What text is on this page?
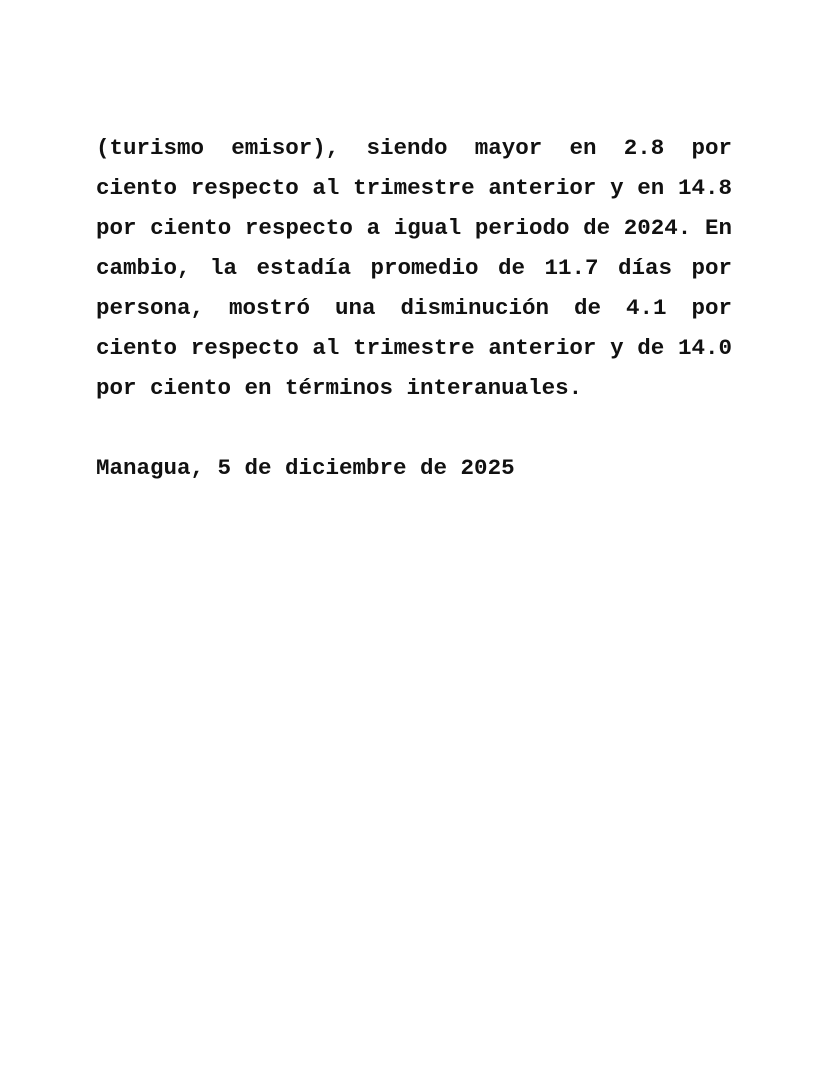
(turismo emisor), siendo mayor en 2.8 por
ciento respecto al trimestre anterior y en 14.8
por ciento respecto a igual periodo de 2024. En
cambio, la estadía promedio de 11.7 días por
persona, mostró una disminución de 4.1 por
ciento respecto al trimestre anterior y de 14.0
por ciento en términos interanuales.
Managua, 5 de diciembre de 2025
